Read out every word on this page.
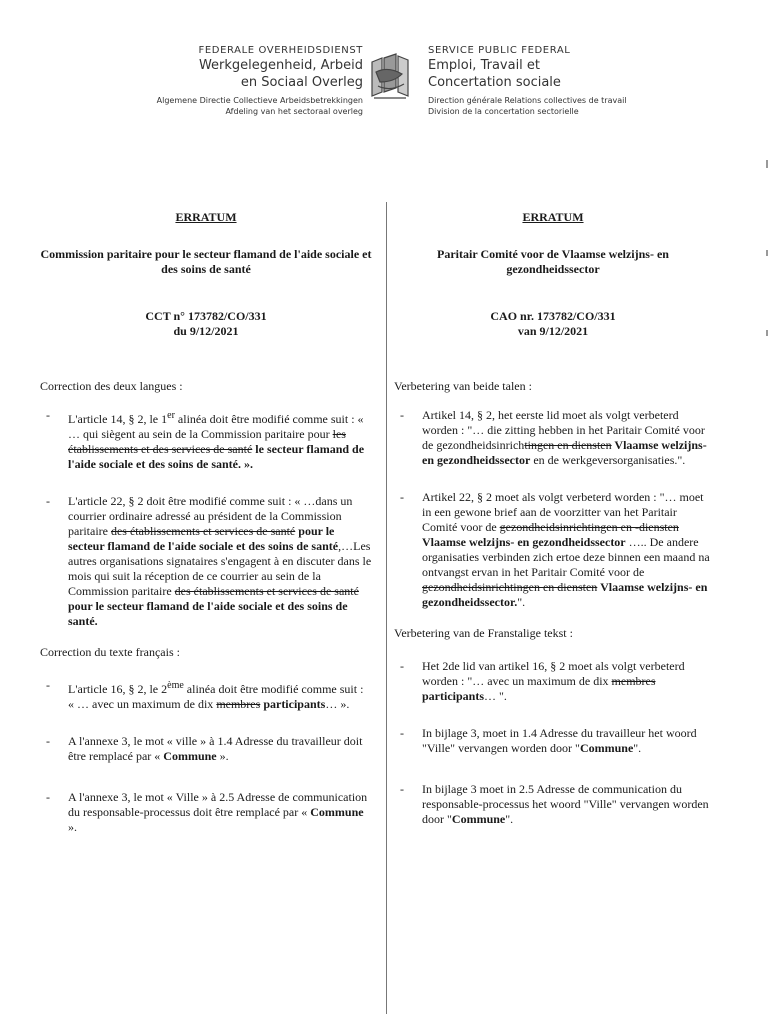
FEDERALE OVERHEIDSDIENST
Werkgelegenheid, Arbeid
en Sociaal Overleg
Algemene Directie Collectieve Arbeidsbetrekkingen
Afdeling van het sectoraal overleg
SERVICE PUBLIC FEDERAL
Emploi, Travail et
Concertation sociale
Direction générale Relations collectives de travail
Division de la concertation sectorielle
ERRATUM
Commission paritaire pour le secteur flamand de l'aide sociale et des soins de santé
CCT n° 173782/CO/331
du 9/12/2021
Correction des deux langues :
- L'article 14, § 2, le 1er alinéa doit être modifié comme suit : « … qui siègent au sein de la Commission paritaire pour les établissements et des services de santé le secteur flamand de l'aide sociale et des soins de santé. ».
- L'article 22, § 2 doit être modifié comme suit : « …dans un courrier ordinaire adressé au président de la Commission paritaire des établissements et services de santé pour le secteur flamand de l'aide sociale et des soins de santé,…Les autres organisations signataires s'engagent à en discuter dans le mois qui suit la réception de ce courrier au sein de la Commission paritaire des établissements et services de santé pour le secteur flamand de l'aide sociale et des soins de santé.
Correction du texte français :
- L'article 16, § 2, le 2ème alinéa doit être modifié comme suit : « … avec un maximum de dix membres participants… ».
- A l'annexe 3, le mot « ville » à 1.4 Adresse du travailleur doit être remplacé par « Commune ».
- A l'annexe 3, le mot « Ville » à 2.5 Adresse de communication du responsable-processus doit être remplacé par « Commune ».
ERRATUM
Paritair Comité voor de Vlaamse welzijns- en gezondheidssector
CAO nr. 173782/CO/331
van 9/12/2021
Verbetering van beide talen :
- Artikel 14, § 2, het eerste lid moet als volgt verbeterd worden : "… die zitting hebben in het Paritair Comité voor de gezondheidsinrichtingen en diensten Vlaamse welzijns- en gezondheidssector en de werkgeversorganisaties.".
- Artikel 22, § 2 moet als volgt verbeterd worden : "… moet in een gewone brief aan de voorzitter van het Paritair Comité voor de gezondheidsinrichtingen en -diensten Vlaamse welzijns- en gezondheidssector ….. De andere organisaties verbinden zich ertoe deze binnen een maand na ontvangst ervan in het Paritair Comité voor de gezondheidsinrichtingen en diensten Vlaamse welzijns- en gezondheidssector.".
Verbetering van de Franstalige tekst :
- Het 2de lid van artikel 16, § 2 moet als volgt verbeterd worden : "… avec un maximum de dix membres participants… ".
- In bijlage 3, moet in 1.4 Adresse du travailleur het woord "Ville" vervangen worden door "Commune".
- In bijlage 3 moet in 2.5 Adresse de communication du responsable-processus het woord "Ville" vervangen worden door "Commune".
